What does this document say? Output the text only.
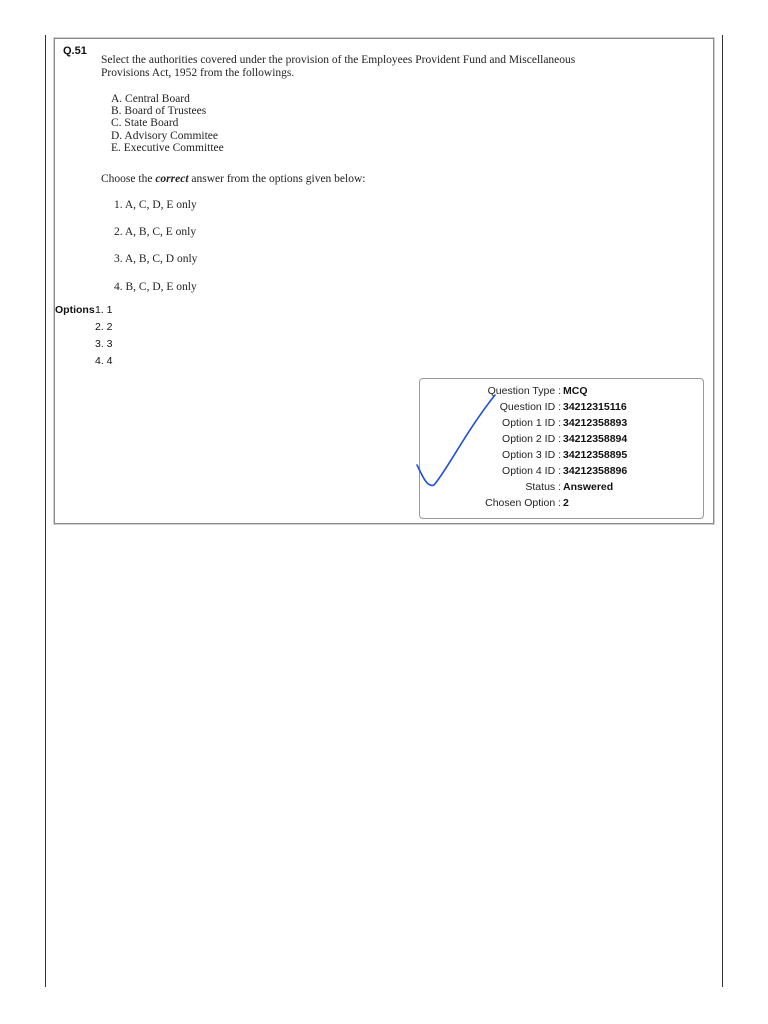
Q.51
Select the authorities covered under the provision of the Employees Provident Fund and Miscellaneous Provisions Act, 1952 from the followings.
A. Central Board
B. Board of Trustees
C. State Board
D. Advisory Commitee
E. Executive Committee
Choose the correct answer from the options given below:
1. A, C, D, E only
2. A, B, C, E only
3. A, B, C, D only
4. B, C, D, E only
Options 1. 1
2. 2
3. 3
4. 4
Question Type : MCQ
Question ID : 34212315116
Option 1 ID : 34212358893
Option 2 ID : 34212358894
Option 3 ID : 34212358895
Option 4 ID : 34212358896
Status : Answered
Chosen Option : 2
